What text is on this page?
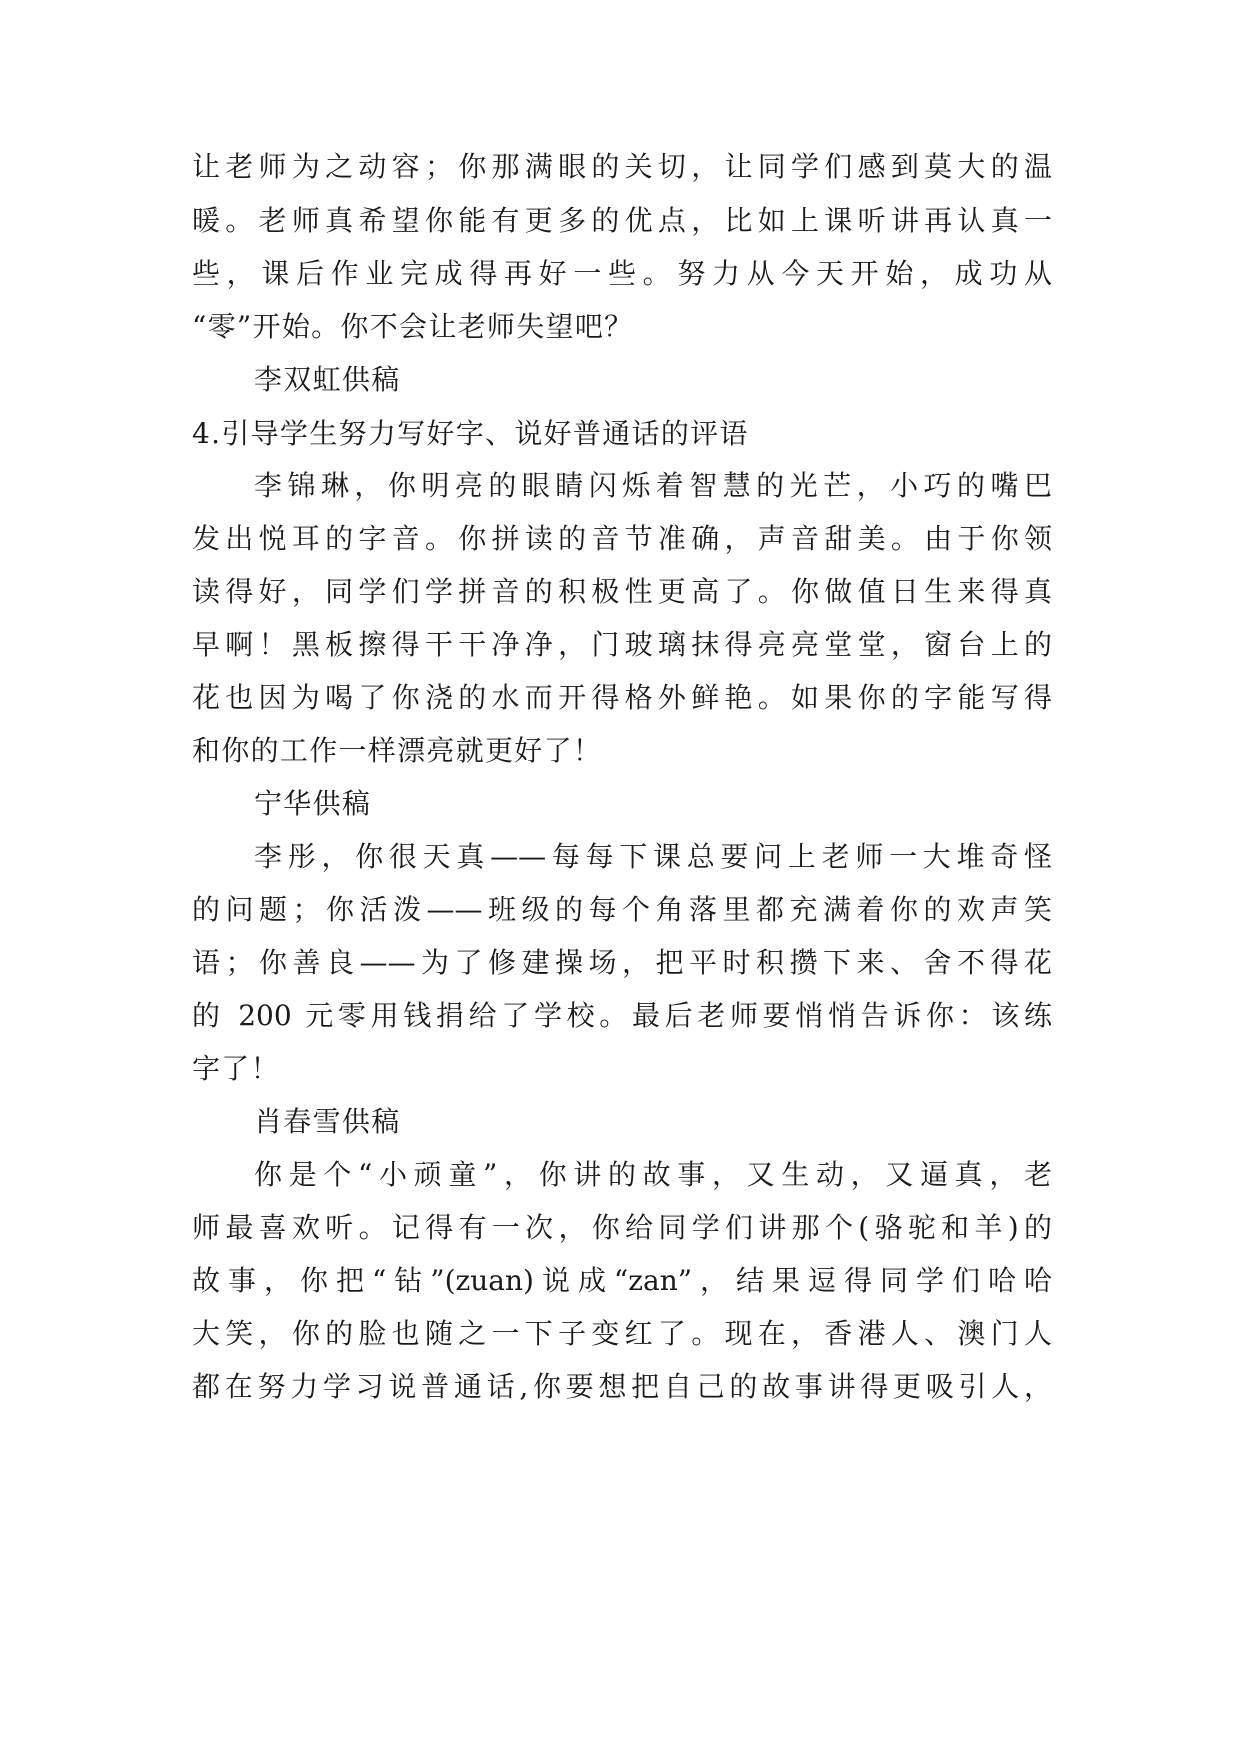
让老师为之动容；你那满眼的关切，让同学们感到莫大的温
暖。老师真希望你能有更多的优点，比如上课听讲再认真一
些，课后作业完成得再好一些。努力从今天开始，成功从
“零”开始。你不会让老师失望吧？
李双虹供稿
4.引导学生努力写好字、说好普通话的评语
李锦琳，你明亮的眼睛闪烁着智慧的光芒，小巧的嘴巴
发出悦耳的字音。你拼读的音节准确，声音甜美。由于你领
读得好，同学们学拼音的积极性更高了。你做值日生来得真
早啊！黑板擦得干干净净，门玻璃抹得亮亮堂堂，窗台上的
花也因为喝了你浇的水而开得格外鲜艳。如果你的字能写得
和你的工作一样漂亮就更好了！
宁华供稿
李彤，你很天真——每每下课总要问上老师一大堆奇怪
的问题；你活泼——班级的每个角落里都充满着你的欢声笑
语；你善良——为了修建操场，把平时积攒下来、舍不得花
的 200 元零用钱捐给了学校。最后老师要悄悄告诉你：该练
字了！
肖春雪供稿
你是个“小顽童”，你讲的故事，又生动，又逼真，老
师最喜欢听。记得有一次，你给同学们讲那个(骆驼和羊)的
故事，你把“钻”(zuan)说成“zan”，结果逗得同学们哈哈
大笑，你的脸也随之一下子变红了。现在，香港人、澳门人
都在努力学习说普通话,你要想把自己的故事讲得更吸引人，
